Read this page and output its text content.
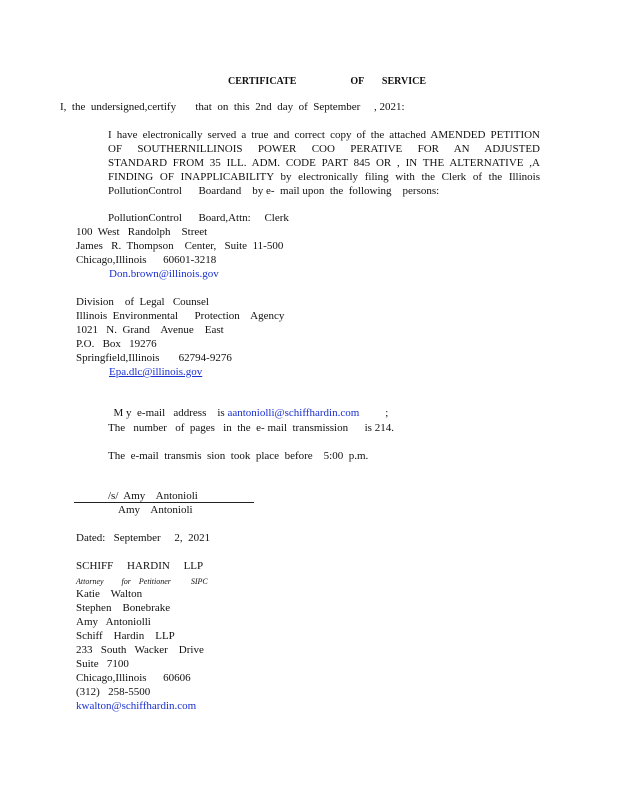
CERTIFICATE            OF    SERVICE
I,  the  undersigned,certify       that  on  this  2nd  day  of  September     , 2021:
I have electronically served a true and correct copy of the attached AMENDED PETITION
OF SOUTHERNILLINOIS POWER COO PERATIVE FOR AN ADJUSTED
STANDARD FROM 35 ILL. ADM. CODE PART 845 OR , IN THE ALTERNATIVE ,A
FINDING OF INAPPLICABILITY by electronically filing with the Clerk of the Illinois
PollutionControl      Boardand    by e-  mail upon  the  following    persons:
PollutionControl      Board,Attn:     Clerk
100  West   Randolph    Street
James   R.  Thompson    Center,   Suite  11-500
Chicago,Illinois      60601-3218
Don.brown@illinois.gov
Division    of  Legal   Counsel
Illinois  Environmental      Protection    Agency
1021   N.  Grand    Avenue    East
P.O.   Box   19276
Springfield,Illinois       62794-9276
Epa.dlc@illinois.gov

M y  e-mail   address    is aantoniolli@schiffhardin.com ;

The   number   of  pages   in  the  e- mail  transmission      is 214.
The  e-mail  transmis  sion  took  place  before    5:00  p.m.
/s/  Amy    Antonioli
Amy    Antonioli
Dated:   September     2,  2021
SCHIFF     HARDIN     LLP
Attorney         for    Petitioner          SIPC
Katie    Walton
Stephen    Bonebrake
Amy   Antoniolli
Schiff    Hardin    LLP
233   South   Wacker    Drive
Suite   7100
Chicago,Illinois      60606
(312)   258-5500
kwalton@schiffhardin.com
